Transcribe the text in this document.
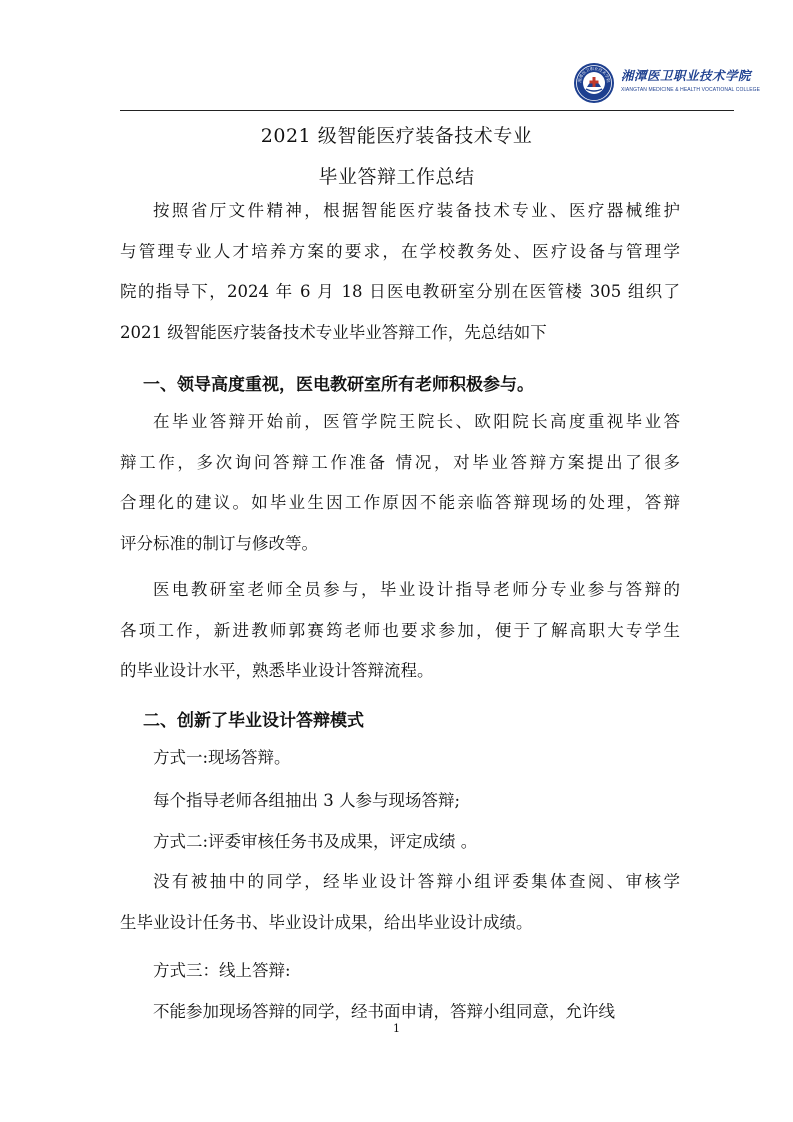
湘潭医卫职业技术学院 湘潭医卫职业技术学院
XIANGTAN MEDICINE & HEALTH VOCATIONAL COLLEGE
2021 级智能医疗装备技术专业
毕业答辩工作总结
按照省厅文件精神，根据智能医疗装备技术专业、医疗器械维护
与管理专业人才培养方案的要求，在学校教务处、医疗设备与管理学
院的指导下，2024 年 6 月 18 日医电教研室分别在医管楼 305 组织了
2021 级智能医疗装备技术专业毕业答辩工作，先总结如下
一、领导高度重视，医电教研室所有老师积极参与。
在毕业答辩开始前，医管学院王院长、欧阳院长高度重视毕业答
辩工作，多次询问答辩工作准备 情况，对毕业答辩方案提出了很多
合理化的建议。如毕业生因工作原因不能亲临答辩现场的处理，答辩
评分标准的制订与修改等。
医电教研室老师全员参与，毕业设计指导老师分专业参与答辩的
各项工作，新进教师郭赛筠老师也要求参加，便于了解高职大专学生
的毕业设计水平，熟悉毕业设计答辩流程。
二、创新了毕业设计答辩模式
方式一:现场答辩。
每个指导老师各组抽出 3 人参与现场答辩;
方式二:评委审核任务书及成果，评定成绩 。
没有被抽中的同学，经毕业设计答辩小组评委集体查阅、审核学
生毕业设计任务书、毕业设计成果，给出毕业设计成绩。
方式三：线上答辩:
不能参加现场答辩的同学，经书面申请，答辩小组同意，允许线
1
